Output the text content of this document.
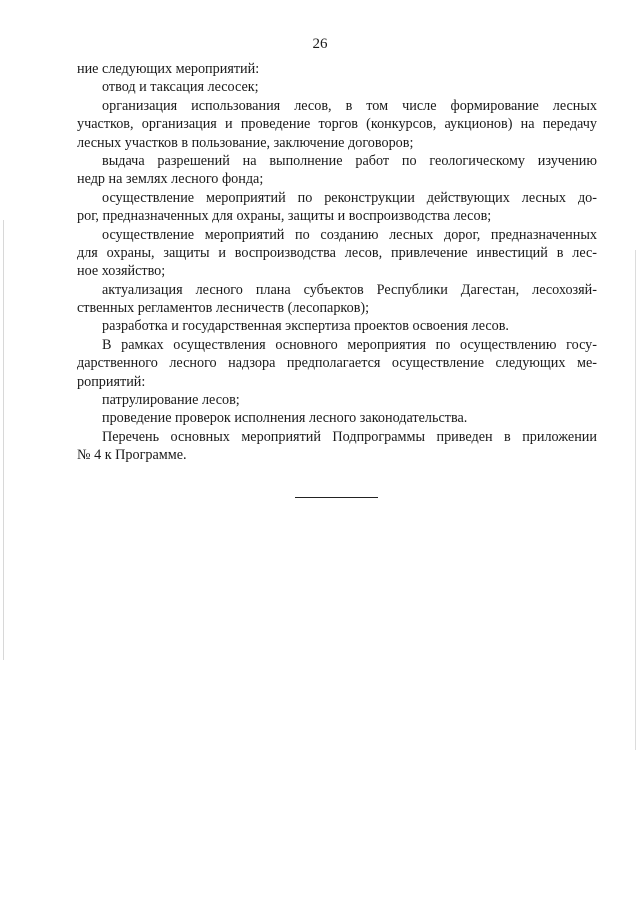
26
ние следующих мероприятий:
отвод и таксация лесосек;
организация использования лесов, в том числе формирование лесных
участков, организация и проведение торгов (конкурсов, аукционов) на передачу
лесных участков в пользование, заключение договоров;
выдача разрешений на выполнение работ по геологическому изучению
недр на землях лесного фонда;
осуществление мероприятий по реконструкции действующих лесных до-
рог, предназначенных для охраны, защиты и воспроизводства лесов;
осуществление мероприятий по созданию лесных дорог, предназначенных
для охраны, защиты и воспроизводства лесов, привлечение инвестиций в лес-
ное хозяйство;
актуализация лесного плана субъектов Республики Дагестан, лесохозяй-
ственных регламентов лесничеств (лесопарков);
разработка и государственная экспертиза проектов освоения лесов.
В рамках осуществления основного мероприятия по осуществлению госу-
дарственного лесного надзора предполагается осуществление следующих ме-
роприятий:
патрулирование лесов;
проведение проверок исполнения лесного законодательства.
Перечень основных мероприятий Подпрограммы приведен в приложении
№ 4 к Программе.
